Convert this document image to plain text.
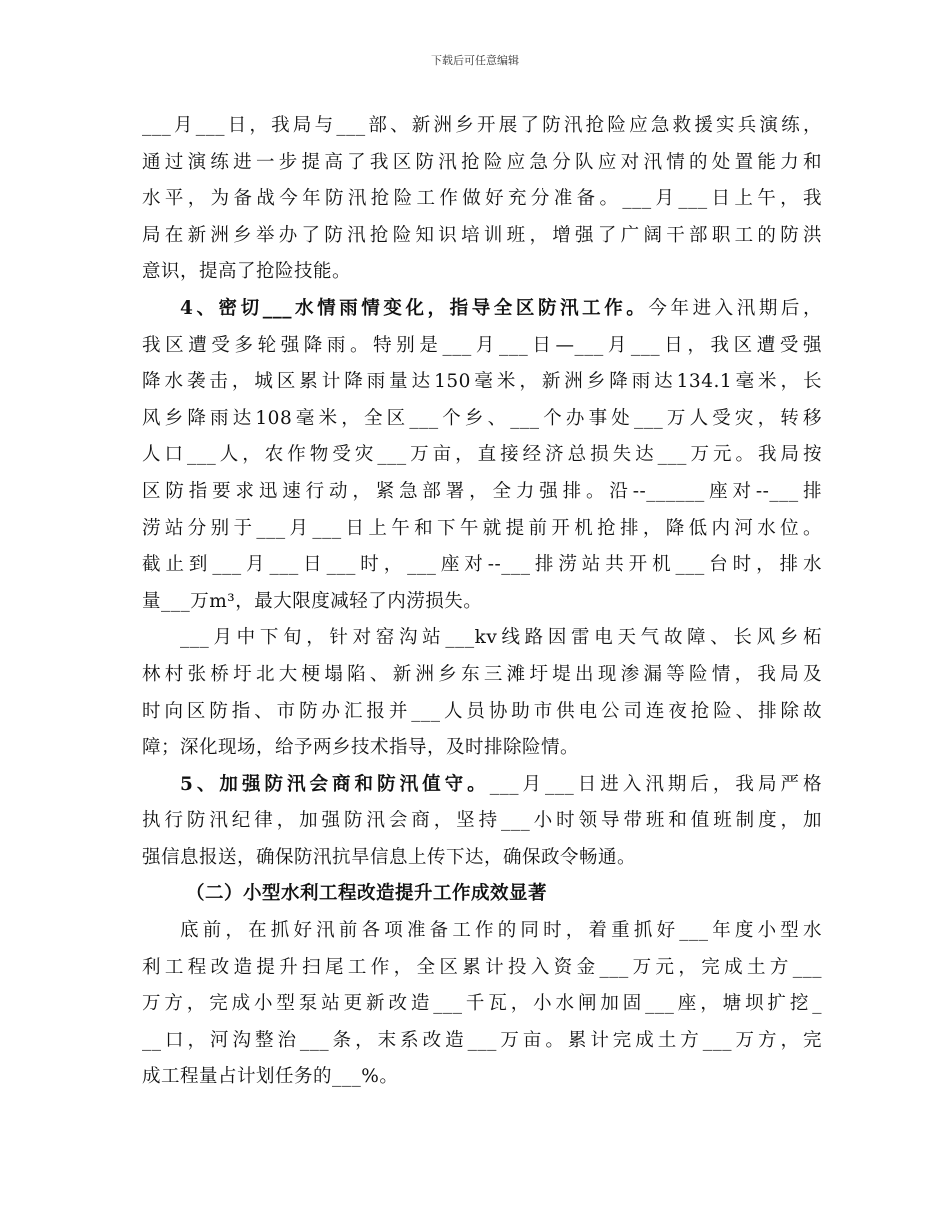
下载后可任意编辑

___月___日，我局与___部、新洲乡开展了防汛抢险应急救援实兵演练，

通过演练进一步提高了我区防汛抢险应急分队应对汛情的处置能力和

水平，为备战今年防汛抢险工作做好充分准备。___月___日上午，我

局在新洲乡举办了防汛抢险知识培训班，增强了广阔干部职工的防洪

意识，提高了抢险技能。

4、密切___水情雨情变化，指导全区防汛工作。今年进入汛期后，

我区遭受多轮强降雨。特别是___月___日—___月___日，我区遭受强

降水袭击，城区累计降雨量达150毫米，新洲乡降雨达134.1毫米，长

风乡降雨达108毫米，全区___个乡、___个办事处___万人受灾，转移

人口___人，农作物受灾___万亩，直接经济总损失达___万元。我局按

区防指要求迅速行动，紧急部署，全力强排。沿--______座对--___排

涝站分别于___月___日上午和下午就提前开机抢排，降低内河水位。

截止到___月___日___时，___座对--___排涝站共开机___台时，排水

量___万m³，最大限度减轻了内涝损失。

___月中下旬，针对窑沟站___kv线路因雷电天气故障、长风乡柘

林村张桥圩北大梗塌陷、新洲乡东三滩圩堤出现渗漏等险情，我局及

时向区防指、市防办汇报并___人员协助市供电公司连夜抢险、排除故

障；深化现场，给予两乡技术指导，及时排除险情。

5、加强防汛会商和防汛值守。___月___日进入汛期后，我局严格

执行防汛纪律，加强防汛会商，坚持___小时领导带班和值班制度，加

强信息报送，确保防汛抗旱信息上传下达，确保政令畅通。

（二）小型水利工程改造提升工作成效显著

底前，在抓好汛前各项准备工作的同时，着重抓好___年度小型水

利工程改造提升扫尾工作，全区累计投入资金___万元，完成土方___

万方，完成小型泵站更新改造___千瓦，小水闸加固___座，塘坝扩挖_

__口，河沟整治___条，末系改造___万亩。累计完成土方___万方，完

成工程量占计划任务的___%。
